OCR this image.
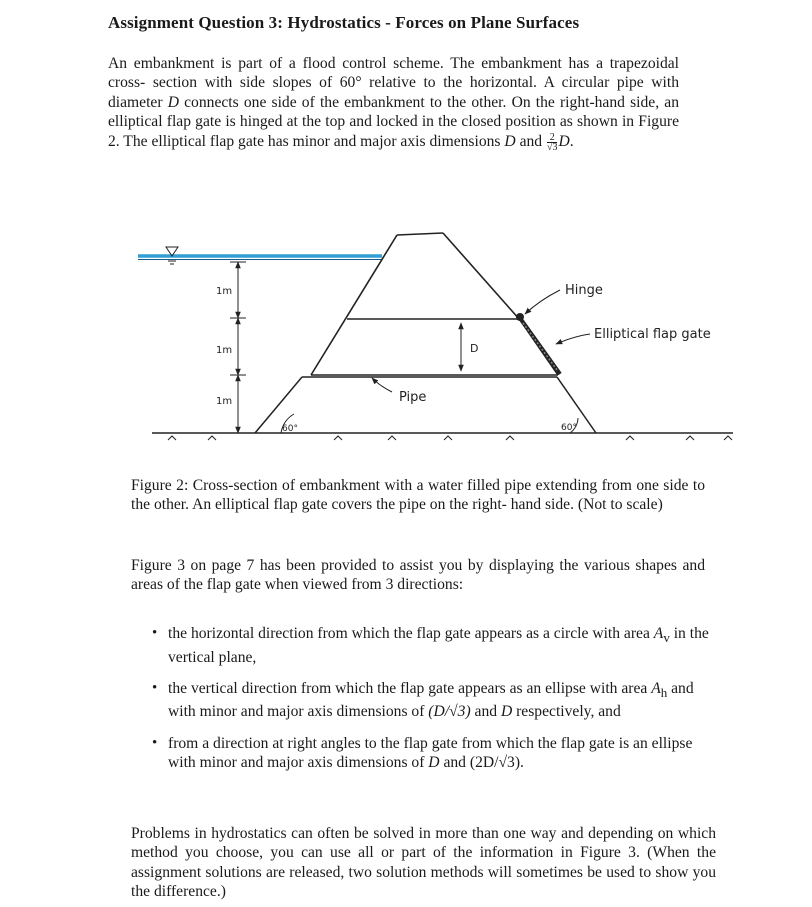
Assignment Question 3: Hydrostatics - Forces on Plane Surfaces

An embankment is part of a flood control scheme. The embankment has a trapezoidal cross- section with side slopes of 60° relative to the horizontal. A circular pipe with diameter D connects one side of the embankment to the other. On the right-hand side, an elliptical flap gate is hinged at the top and locked in the closed position as shown in Figure 2. The elliptical flap gate has minor and major axis dimensions D and $\frac{2}{√3} D$.

60°	60°
1m
1m
1m
D
Pipe
Hinge
Elliptical flap gate

Figure 2: Cross-section of embankment with a water filled pipe extending from one side to the other. An elliptical flap gate covers the pipe on the right- hand side. (Not to scale)

Figure 3 on page 7 has been provided to assist you by displaying the various shapes and areas of the flap gate when viewed from 3 directions:

• the horizontal direction from which the flap gate appears as a circle with area $A_v$ in the vertical plane,
• the vertical direction from which the flap gate appears as an ellipse with area $A_h$ and with minor and major axis dimensions of (D/√3) and D respectively, and
• from a direction at right angles to the flap gate from which the flap gate is an ellipse with minor and major axis dimensions of D and (2D/√3).

Problems in hydrostatics can often be solved in more than one way and depending on which method you choose, you can use all or part of the information in Figure 3. (When the assignment solutions are released, two solution methods will sometimes be used to show you the difference.)
